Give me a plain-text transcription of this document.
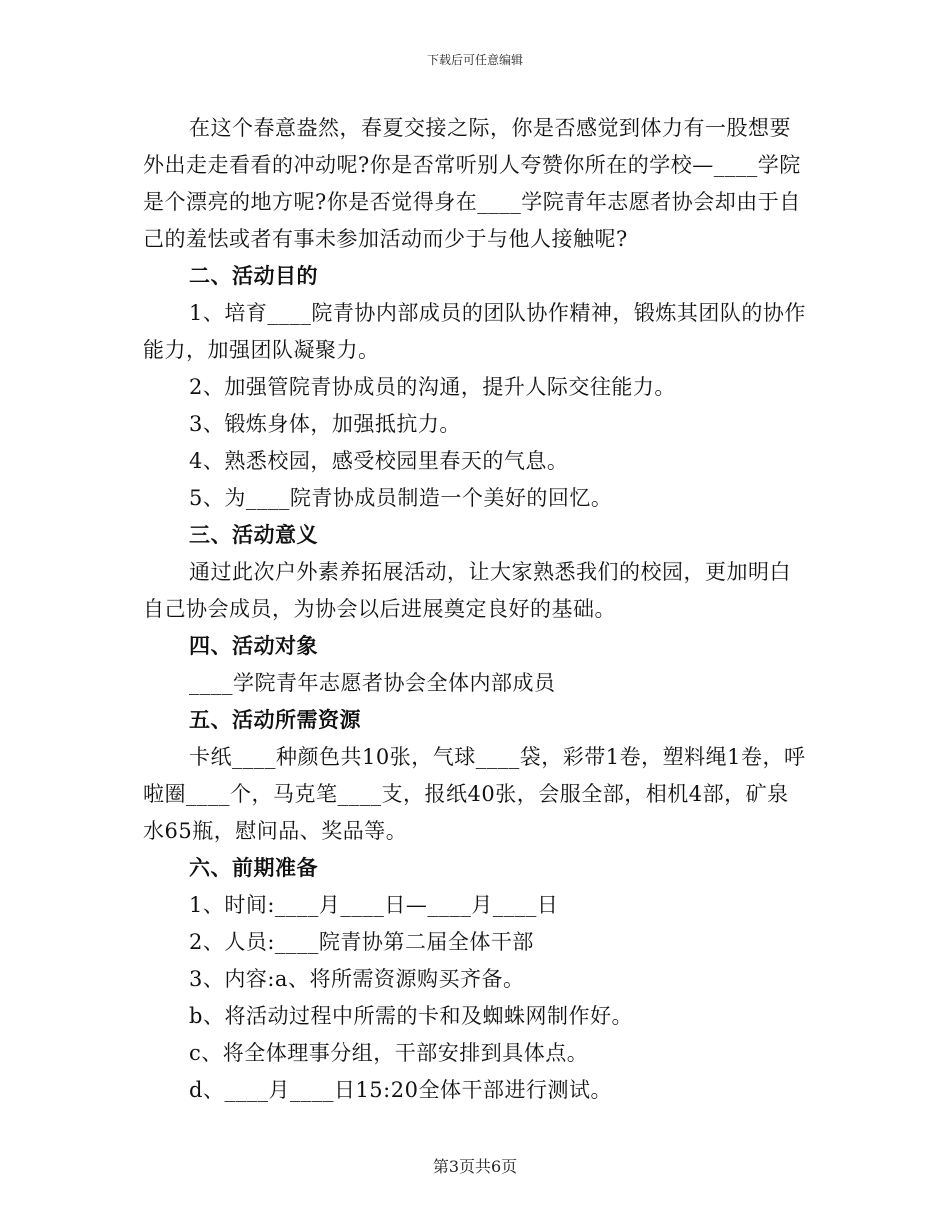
下载后可任意编辑

在这个春意盎然，春夏交接之际，你是否感觉到体力有一股想要外出走走看看的冲动呢?你是否常听别人夸赞你所在的学校—____学院是个漂亮的地方呢?你是否觉得身在____学院青年志愿者协会却由于自己的羞怯或者有事未参加活动而少于与他人接触呢?

二、活动目的

1、培育____院青协内部成员的团队协作精神，锻炼其团队的协作能力，加强团队凝聚力。

2、加强管院青协成员的沟通，提升人际交往能力。

3、锻炼身体，加强抵抗力。

4、熟悉校园，感受校园里春天的气息。

5、为____院青协成员制造一个美好的回忆。

三、活动意义

通过此次户外素养拓展活动，让大家熟悉我们的校园，更加明白自己协会成员，为协会以后进展奠定良好的基础。

四、活动对象

____学院青年志愿者协会全体内部成员

五、活动所需资源

卡纸____种颜色共10张，气球____袋，彩带1卷，塑料绳1卷，呼啦圈____个，马克笔____支，报纸40张，会服全部，相机4部，矿泉水65瓶，慰问品、奖品等。

六、前期准备

1、时间:____月____日—____月____日

2、人员:____院青协第二届全体干部

3、内容:a、将所需资源购买齐备。

b、将活动过程中所需的卡和及蜘蛛网制作好。

c、将全体理事分组，干部安排到具体点。

d、____月____日15:20全体干部进行测试。

第3页共6页
